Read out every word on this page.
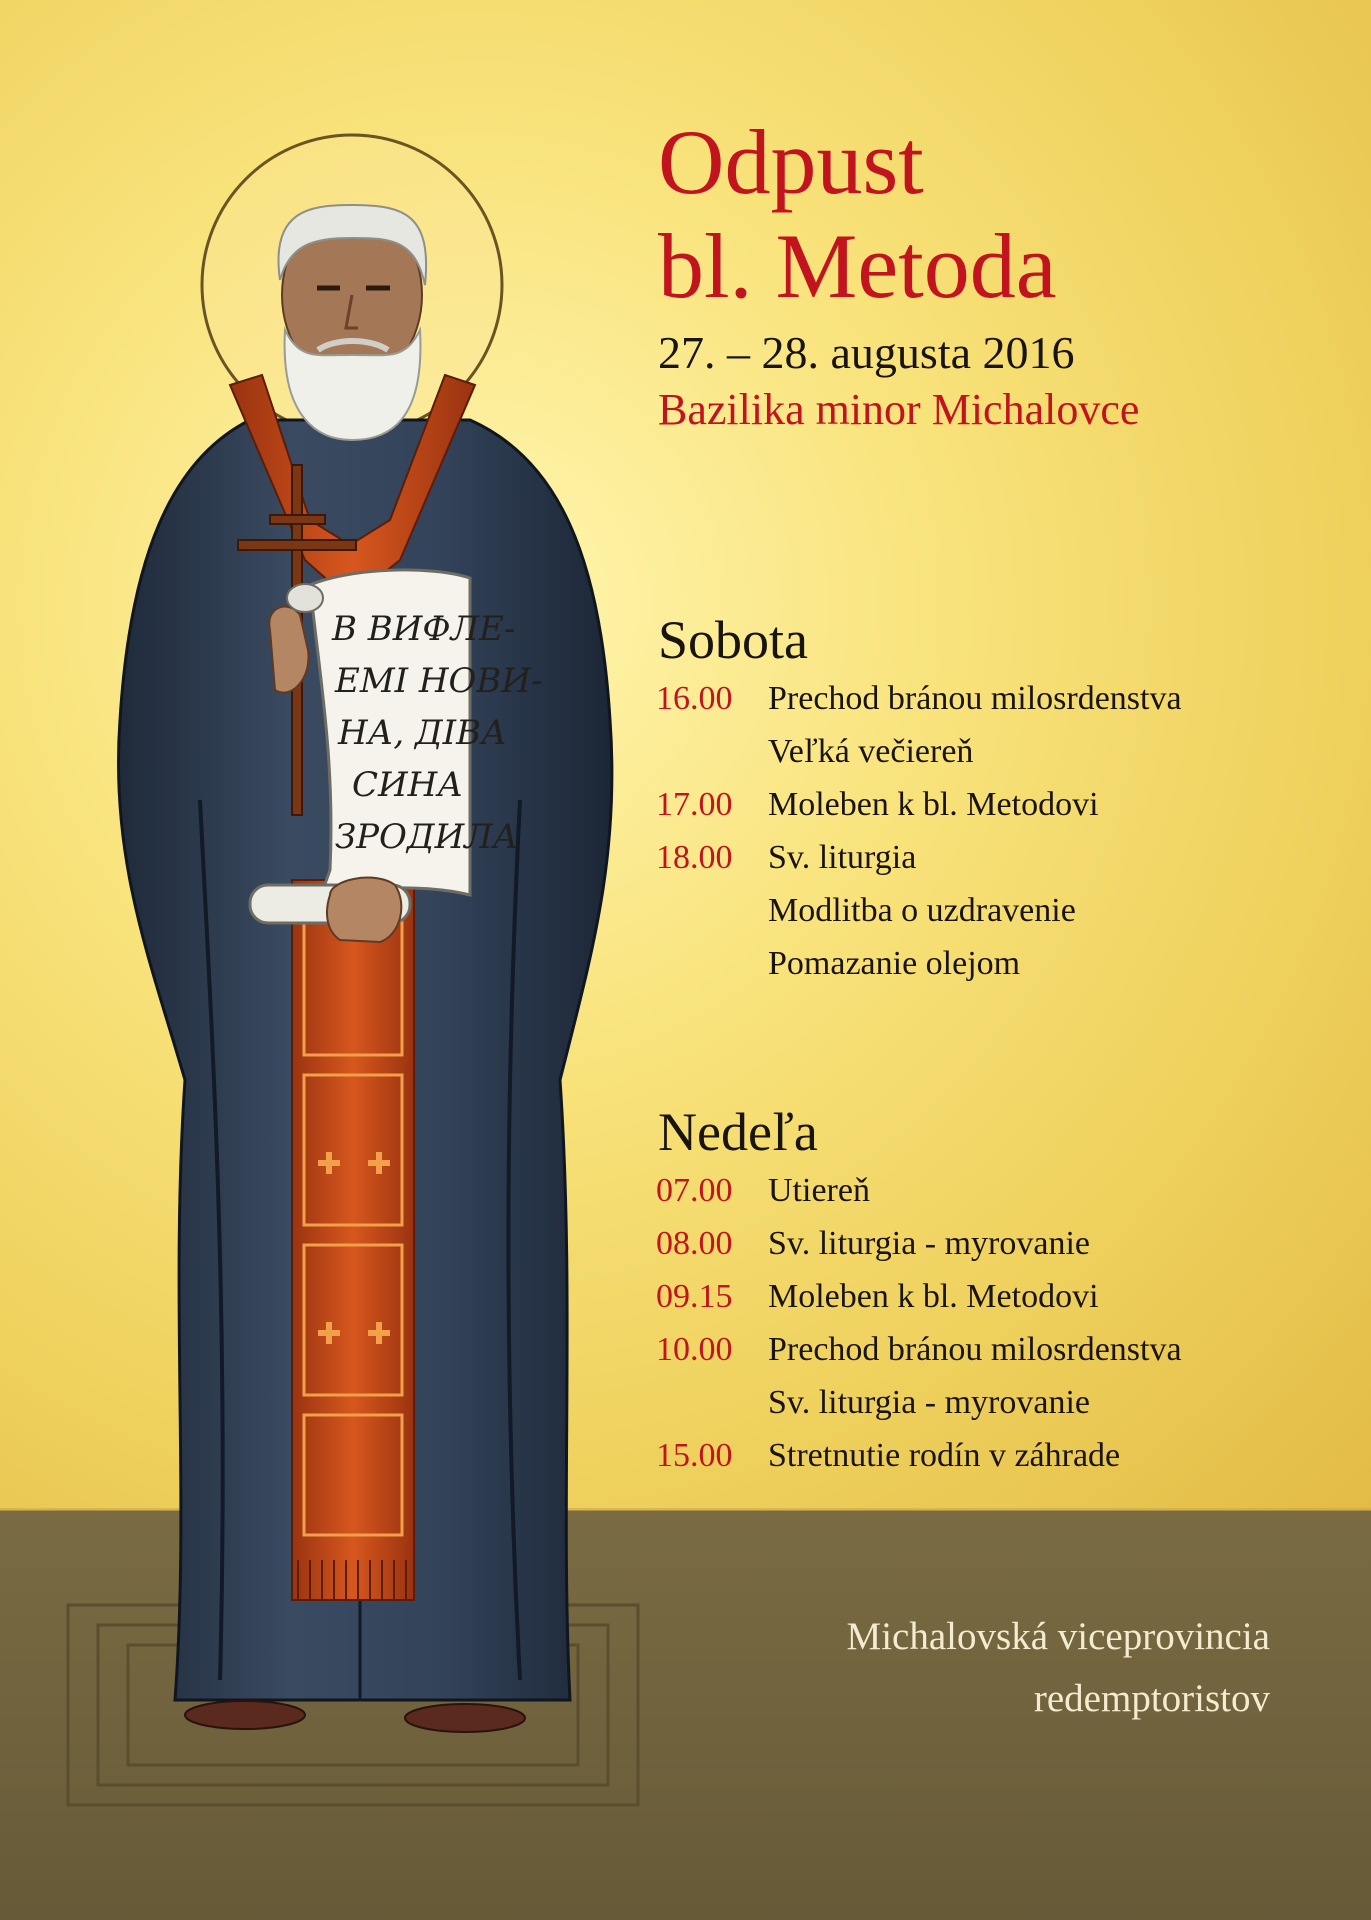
В ВИФЛЕ-
ЕМІ НОВИ-
НА, ДІВА
СИНА
ЗРОДИЛА
Odpust
bl. Metoda
27. – 28. augusta 2016
Bazilika minor Michalovce
Sobota
16.00	Prechod bránou milosrdenstva
Veľká večiereň
17.00	Moleben k bl. Metodovi
18.00	Sv. liturgia
Modlitba o uzdravenie
Pomazanie olejom
Nedeľa
07.00	Utiereň
08.00	Sv. liturgia - myrovanie
09.15	Moleben k bl. Metodovi
10.00	Prechod bránou milosrdenstva
Sv. liturgia - myrovanie
15.00	Stretnutie rodín v záhrade
Michalovská viceprovincia
redemptoristov
